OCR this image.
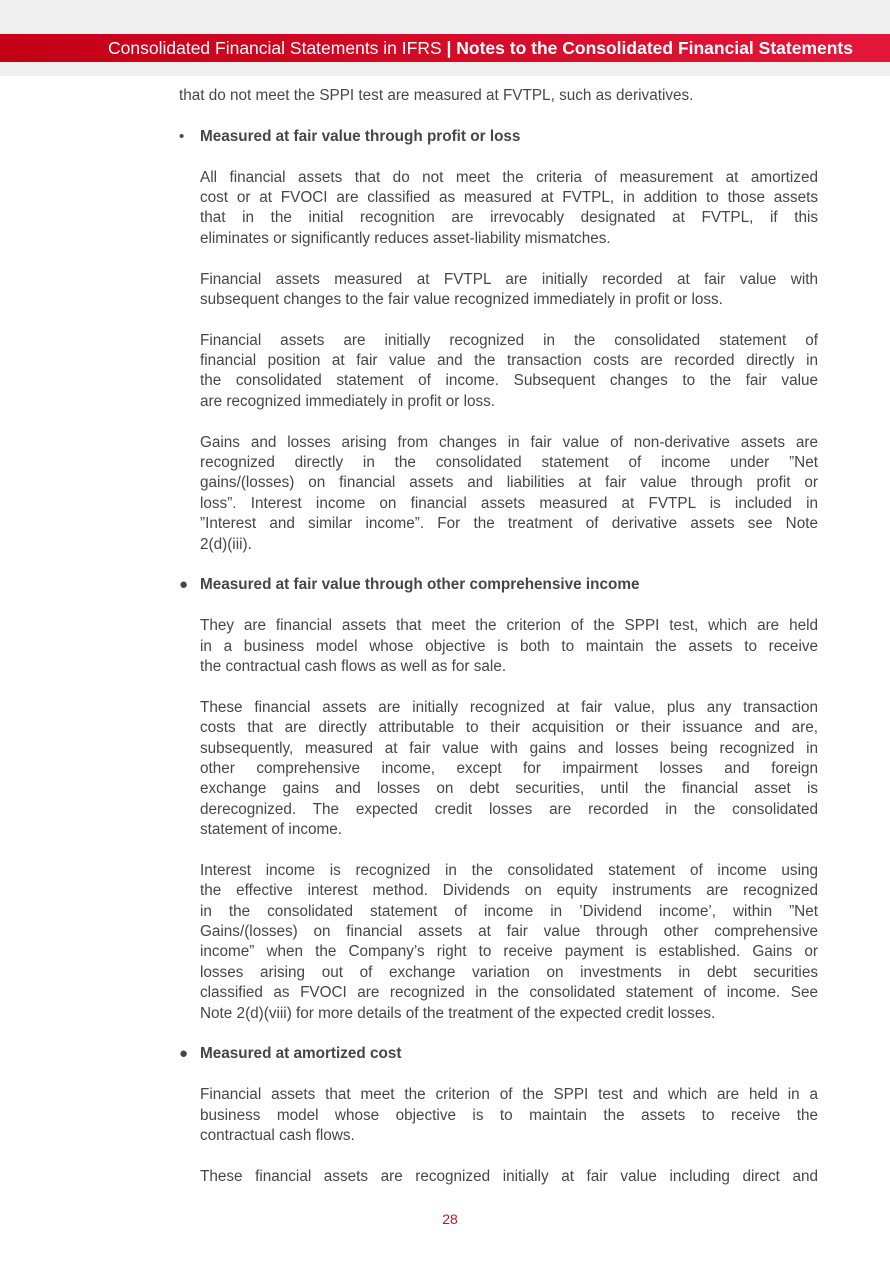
Consolidated Financial Statements in IFRS | Notes to the Consolidated Financial Statements
that do not meet the SPPI test are measured at FVTPL, such as derivatives.
• Measured at fair value through profit or loss
All financial assets that do not meet the criteria of measurement at amortized
cost or at FVOCI are classified as measured at FVTPL, in addition to those assets
that in the initial recognition are irrevocably designated at FVTPL, if this
eliminates or significantly reduces asset-liability mismatches.
Financial assets measured at FVTPL are initially recorded at fair value with
subsequent changes to the fair value recognized immediately in profit or loss.
Financial assets are initially recognized in the consolidated statement of
financial position at fair value and the transaction costs are recorded directly in
the consolidated statement of income. Subsequent changes to the fair value
are recognized immediately in profit or loss.
Gains and losses arising from changes in fair value of non-derivative assets are
recognized directly in the consolidated statement of income under ”Net
gains/(losses) on financial assets and liabilities at fair value through profit or
loss”. Interest income on financial assets measured at FVTPL is included in
”Interest and similar income”. For the treatment of derivative assets see Note
2(d)(iii).
● Measured at fair value through other comprehensive income
They are financial assets that meet the criterion of the SPPI test, which are held
in a business model whose objective is both to maintain the assets to receive
the contractual cash flows as well as for sale.
These financial assets are initially recognized at fair value, plus any transaction
costs that are directly attributable to their acquisition or their issuance and are,
subsequently, measured at fair value with gains and losses being recognized in
other comprehensive income, except for impairment losses and foreign
exchange gains and losses on debt securities, until the financial asset is
derecognized. The expected credit losses are recorded in the consolidated
statement of income.
Interest income is recognized in the consolidated statement of income using
the effective interest method. Dividends on equity instruments are recognized
in the consolidated statement of income in ’Dividend income’, within ”Net
Gains/(losses) on financial assets at fair value through other comprehensive
income” when the Company’s right to receive payment is established. Gains or
losses arising out of exchange variation on investments in debt securities
classified as FVOCI are recognized in the consolidated statement of income. See
Note 2(d)(viii) for more details of the treatment of the expected credit losses.
● Measured at amortized cost
Financial assets that meet the criterion of the SPPI test and which are held in a
business model whose objective is to maintain the assets to receive the
contractual cash flows.
These financial assets are recognized initially at fair value including direct and
28
